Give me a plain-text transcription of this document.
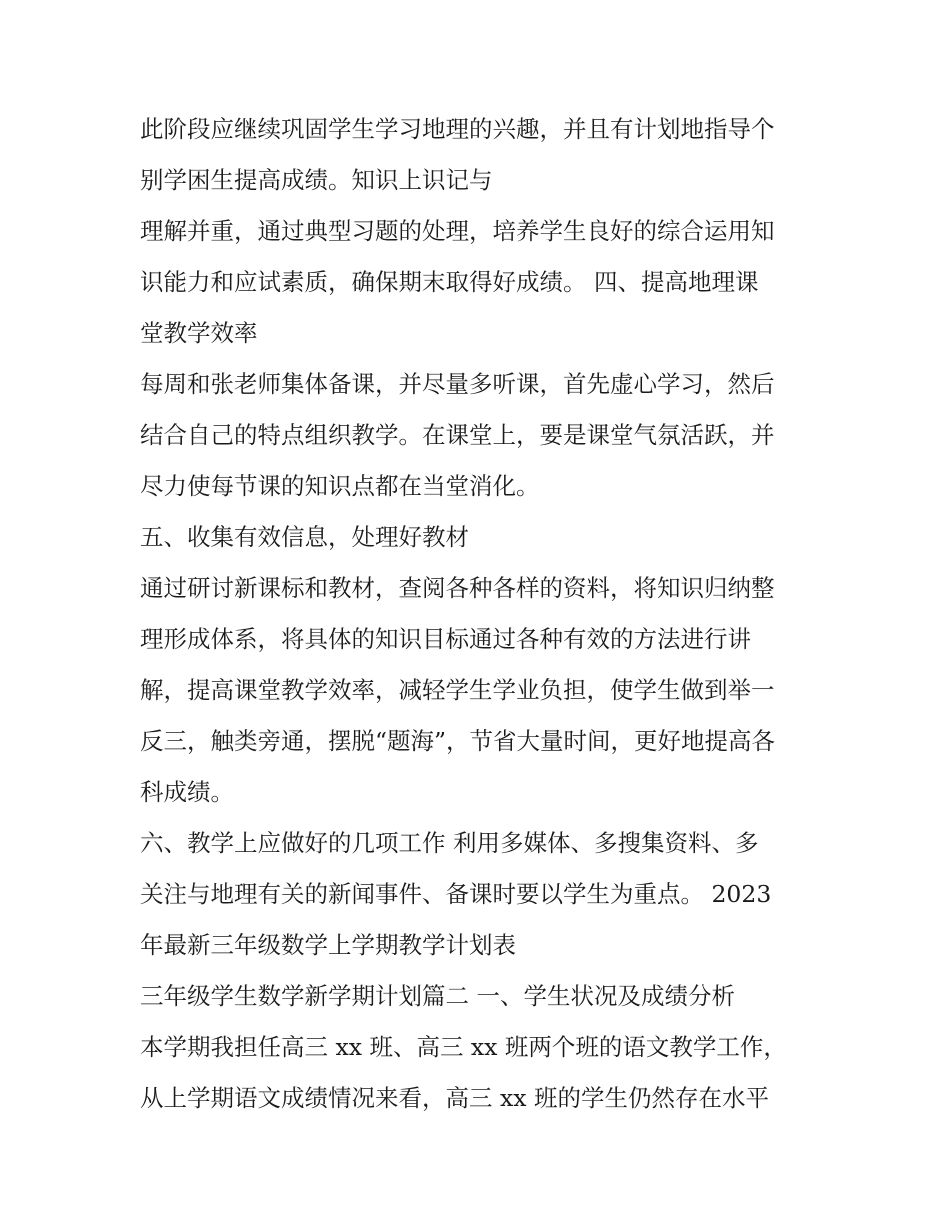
此阶段应继续巩固学生学习地理的兴趣，并且有计划地指导个
别学困生提高成绩。知识上识记与
理解并重，通过典型习题的处理，培养学生良好的综合运用知
识能力和应试素质，确保期末取得好成绩。 四、提高地理课
堂教学效率
每周和张老师集体备课，并尽量多听课，首先虚心学习，然后
结合自己的特点组织教学。在课堂上，要是课堂气氛活跃，并
尽力使每节课的知识点都在当堂消化。
五、收集有效信息，处理好教材
通过研讨新课标和教材，查阅各种各样的资料，将知识归纳整
理形成体系，将具体的知识目标通过各种有效的方法进行讲
解，提高课堂教学效率，减轻学生学业负担，使学生做到举一
反三，触类旁通，摆脱“题海”，节省大量时间，更好地提高各
科成绩。
六、教学上应做好的几项工作 利用多媒体、多搜集资料、多
关注与地理有关的新闻事件、备课时要以学生为重点。 2023
年最新三年级数学上学期教学计划表
三年级学生数学新学期计划篇二 一、学生状况及成绩分析
本学期我担任高三 xx 班、高三 xx 班两个班的语文教学工作，
从上学期语文成绩情况来看，高三 xx 班的学生仍然存在水平
